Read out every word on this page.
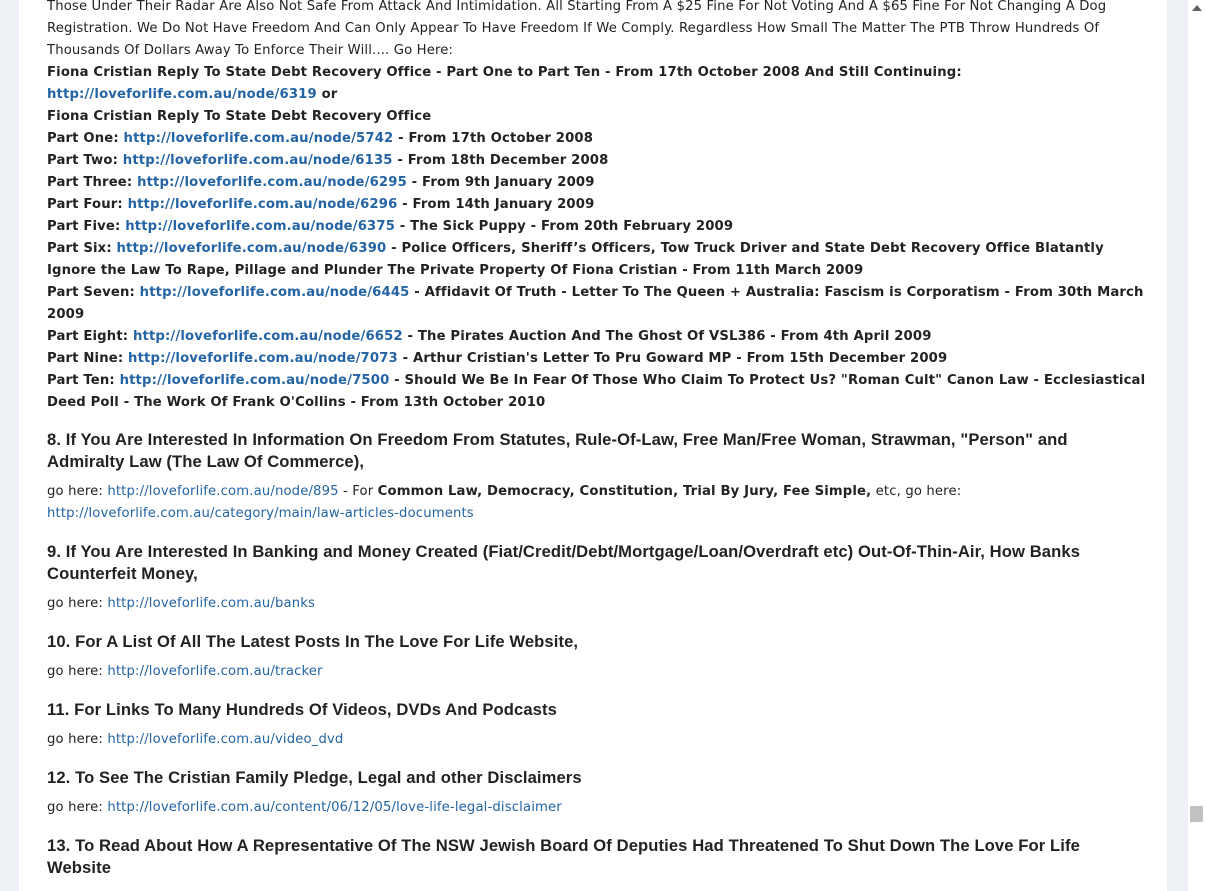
Those Under Their Radar Are Also Not Safe From Attack And Intimidation. All Starting From A $25 Fine For Not Voting And A $65 Fine For Not Changing A Dog
Registration. We Do Not Have Freedom And Can Only Appear To Have Freedom If We Comply. Regardless How Small The Matter The PTB Throw Hundreds Of
Thousands Of Dollars Away To Enforce Their Will.... Go Here:
Fiona Cristian Reply To State Debt Recovery Office - Part One to Part Ten - From 17th October 2008 And Still Continuing:
http://loveforlife.com.au/node/6319 or
Fiona Cristian Reply To State Debt Recovery Office
Part One: http://loveforlife.com.au/node/5742 - From 17th October 2008
Part Two: http://loveforlife.com.au/node/6135 - From 18th December 2008
Part Three: http://loveforlife.com.au/node/6295 - From 9th January 2009
Part Four: http://loveforlife.com.au/node/6296 - From 14th January 2009
Part Five: http://loveforlife.com.au/node/6375 - The Sick Puppy - From 20th February 2009
Part Six: http://loveforlife.com.au/node/6390 - Police Officers, Sheriff’s Officers, Tow Truck Driver and State Debt Recovery Office Blatantly Ignore the Law To Rape, Pillage and Plunder The Private Property Of Fiona Cristian - From 11th March 2009
Part Seven: http://loveforlife.com.au/node/6445 - Affidavit Of Truth - Letter To The Queen + Australia: Fascism is Corporatism - From 30th March 2009
Part Eight: http://loveforlife.com.au/node/6652 - The Pirates Auction And The Ghost Of VSL386 - From 4th April 2009
Part Nine: http://loveforlife.com.au/node/7073 - Arthur Cristian's Letter To Pru Goward MP - From 15th December 2009
Part Ten: http://loveforlife.com.au/node/7500 - Should We Be In Fear Of Those Who Claim To Protect Us? "Roman Cult" Canon Law - Ecclesiastical Deed Poll - The Work Of Frank O'Collins - From 13th October 2010
8. If You Are Interested In Information On Freedom From Statutes, Rule-Of-Law, Free Man/Free Woman, Strawman, "Person" and Admiralty Law (The Law Of Commerce),
go here: http://loveforlife.com.au/node/895 - For Common Law, Democracy, Constitution, Trial By Jury, Fee Simple, etc, go here: http://loveforlife.com.au/category/main/law-articles-documents
9. If You Are Interested In Banking and Money Created (Fiat/Credit/Debt/Mortgage/Loan/Overdraft etc) Out-Of-Thin-Air, How Banks Counterfeit Money,
go here: http://loveforlife.com.au/banks
10. For A List Of All The Latest Posts In The Love For Life Website,
go here: http://loveforlife.com.au/tracker
11. For Links To Many Hundreds Of Videos, DVDs And Podcasts
go here: http://loveforlife.com.au/video_dvd
12. To See The Cristian Family Pledge, Legal and other Disclaimers
go here: http://loveforlife.com.au/content/06/12/05/love-life-legal-disclaimer
13. To Read About How A Representative Of The NSW Jewish Board Of Deputies Had Threatened To Shut Down The Love For Life Website
